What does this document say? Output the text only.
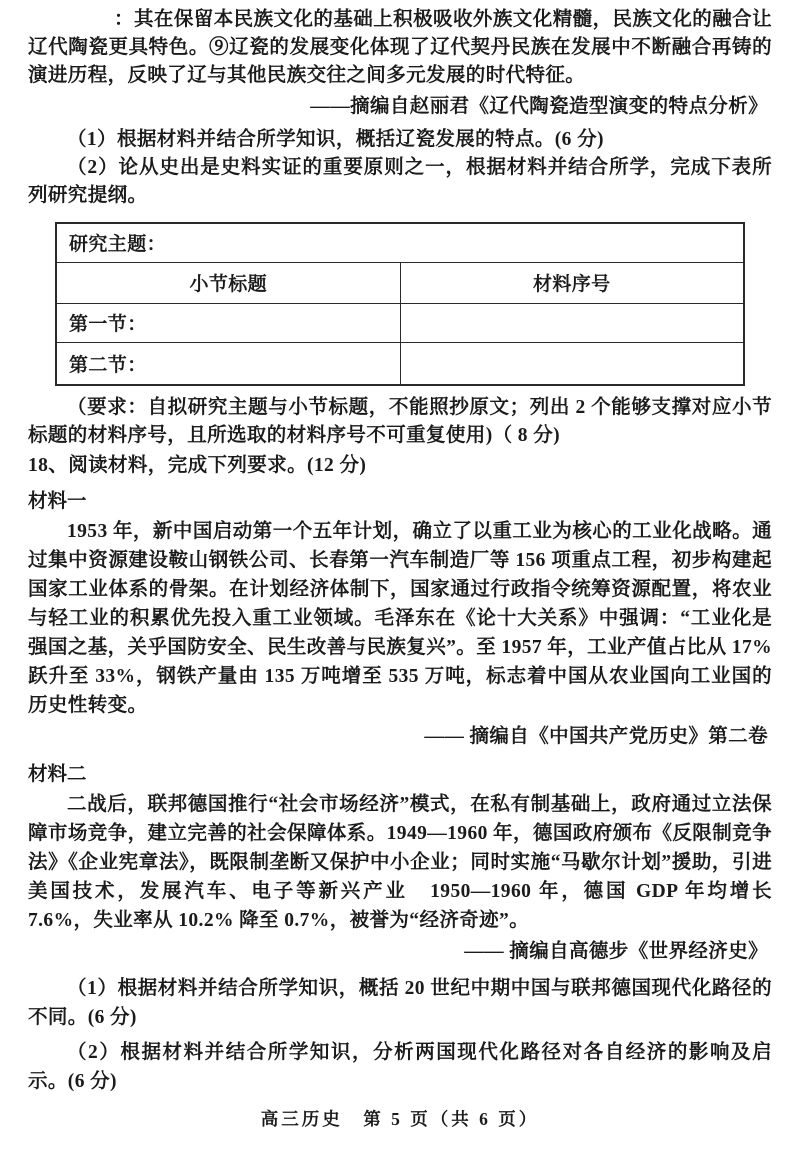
：其在保留本民族文化的基础上积极吸收外族文化精髓，民族文化的融合让辽代陶瓷更具特色。⑨辽瓷的发展变化体现了辽代契丹民族在发展中不断融合再铸的演进历程，反映了辽与其他民族交往之间多元发展的时代特征。

——摘编自赵丽君《辽代陶瓷造型演变的特点分析》

（1）根据材料并结合所学知识，概括辽瓷发展的特点。(6 分)

（2）论从史出是史料实证的重要原则之一，根据材料并结合所学，完成下表所列研究提纲。

研究主题：	
小节标题	材料序号
第一节：	
第二节：	

（要求：自拟研究主题与小节标题，不能照抄原文；列出 2 个能够支撑对应小节标题的材料序号，且所选取的材料序号不可重复使用)（ 8 分)

18、阅读材料，完成下列要求。(12 分)

材料一

1953 年，新中国启动第一个五年计划，确立了以重工业为核心的工业化战略。通过集中资源建设鞍山钢铁公司、长春第一汽车制造厂等 156 项重点工程，初步构建起国家工业体系的骨架。在计划经济体制下，国家通过行政指令统筹资源配置，将农业与轻工业的积累优先投入重工业领域。毛泽东在《论十大关系》中强调：“工业化是强国之基，关乎国防安全、民生改善与民族复兴”。至 1957 年，工业产值占比从 17% 跃升至 33%，钢铁产量由 135 万吨增至 535 万吨，标志着中国从农业国向工业国的历史性转变。

—— 摘编自《中国共产党历史》第二卷

材料二

二战后，联邦德国推行“社会市场经济”模式，在私有制基础上，政府通过立法保障市场竞争，建立完善的社会保障体系。1949—1960 年，德国政府颁布《反限制竞争法》《企业宪章法》，既限制垄断又保护中小企业；同时实施“马歇尔计划”援助，引进美国技术，发展汽车、电子等新兴产业　1950—1960 年，德国 GDP 年均增长 7.6%，失业率从 10.2% 降至 0.7%，被誉为“经济奇迹”。

—— 摘编自高德步《世界经济史》

（1）根据材料并结合所学知识，概括 20 世纪中期中国与联邦德国现代化路径的不同。(6 分)

（2）根据材料并结合所学知识，分析两国现代化路径对各自经济的影响及启示。(6 分)

高三历史　第 5 页（共 6 页）
